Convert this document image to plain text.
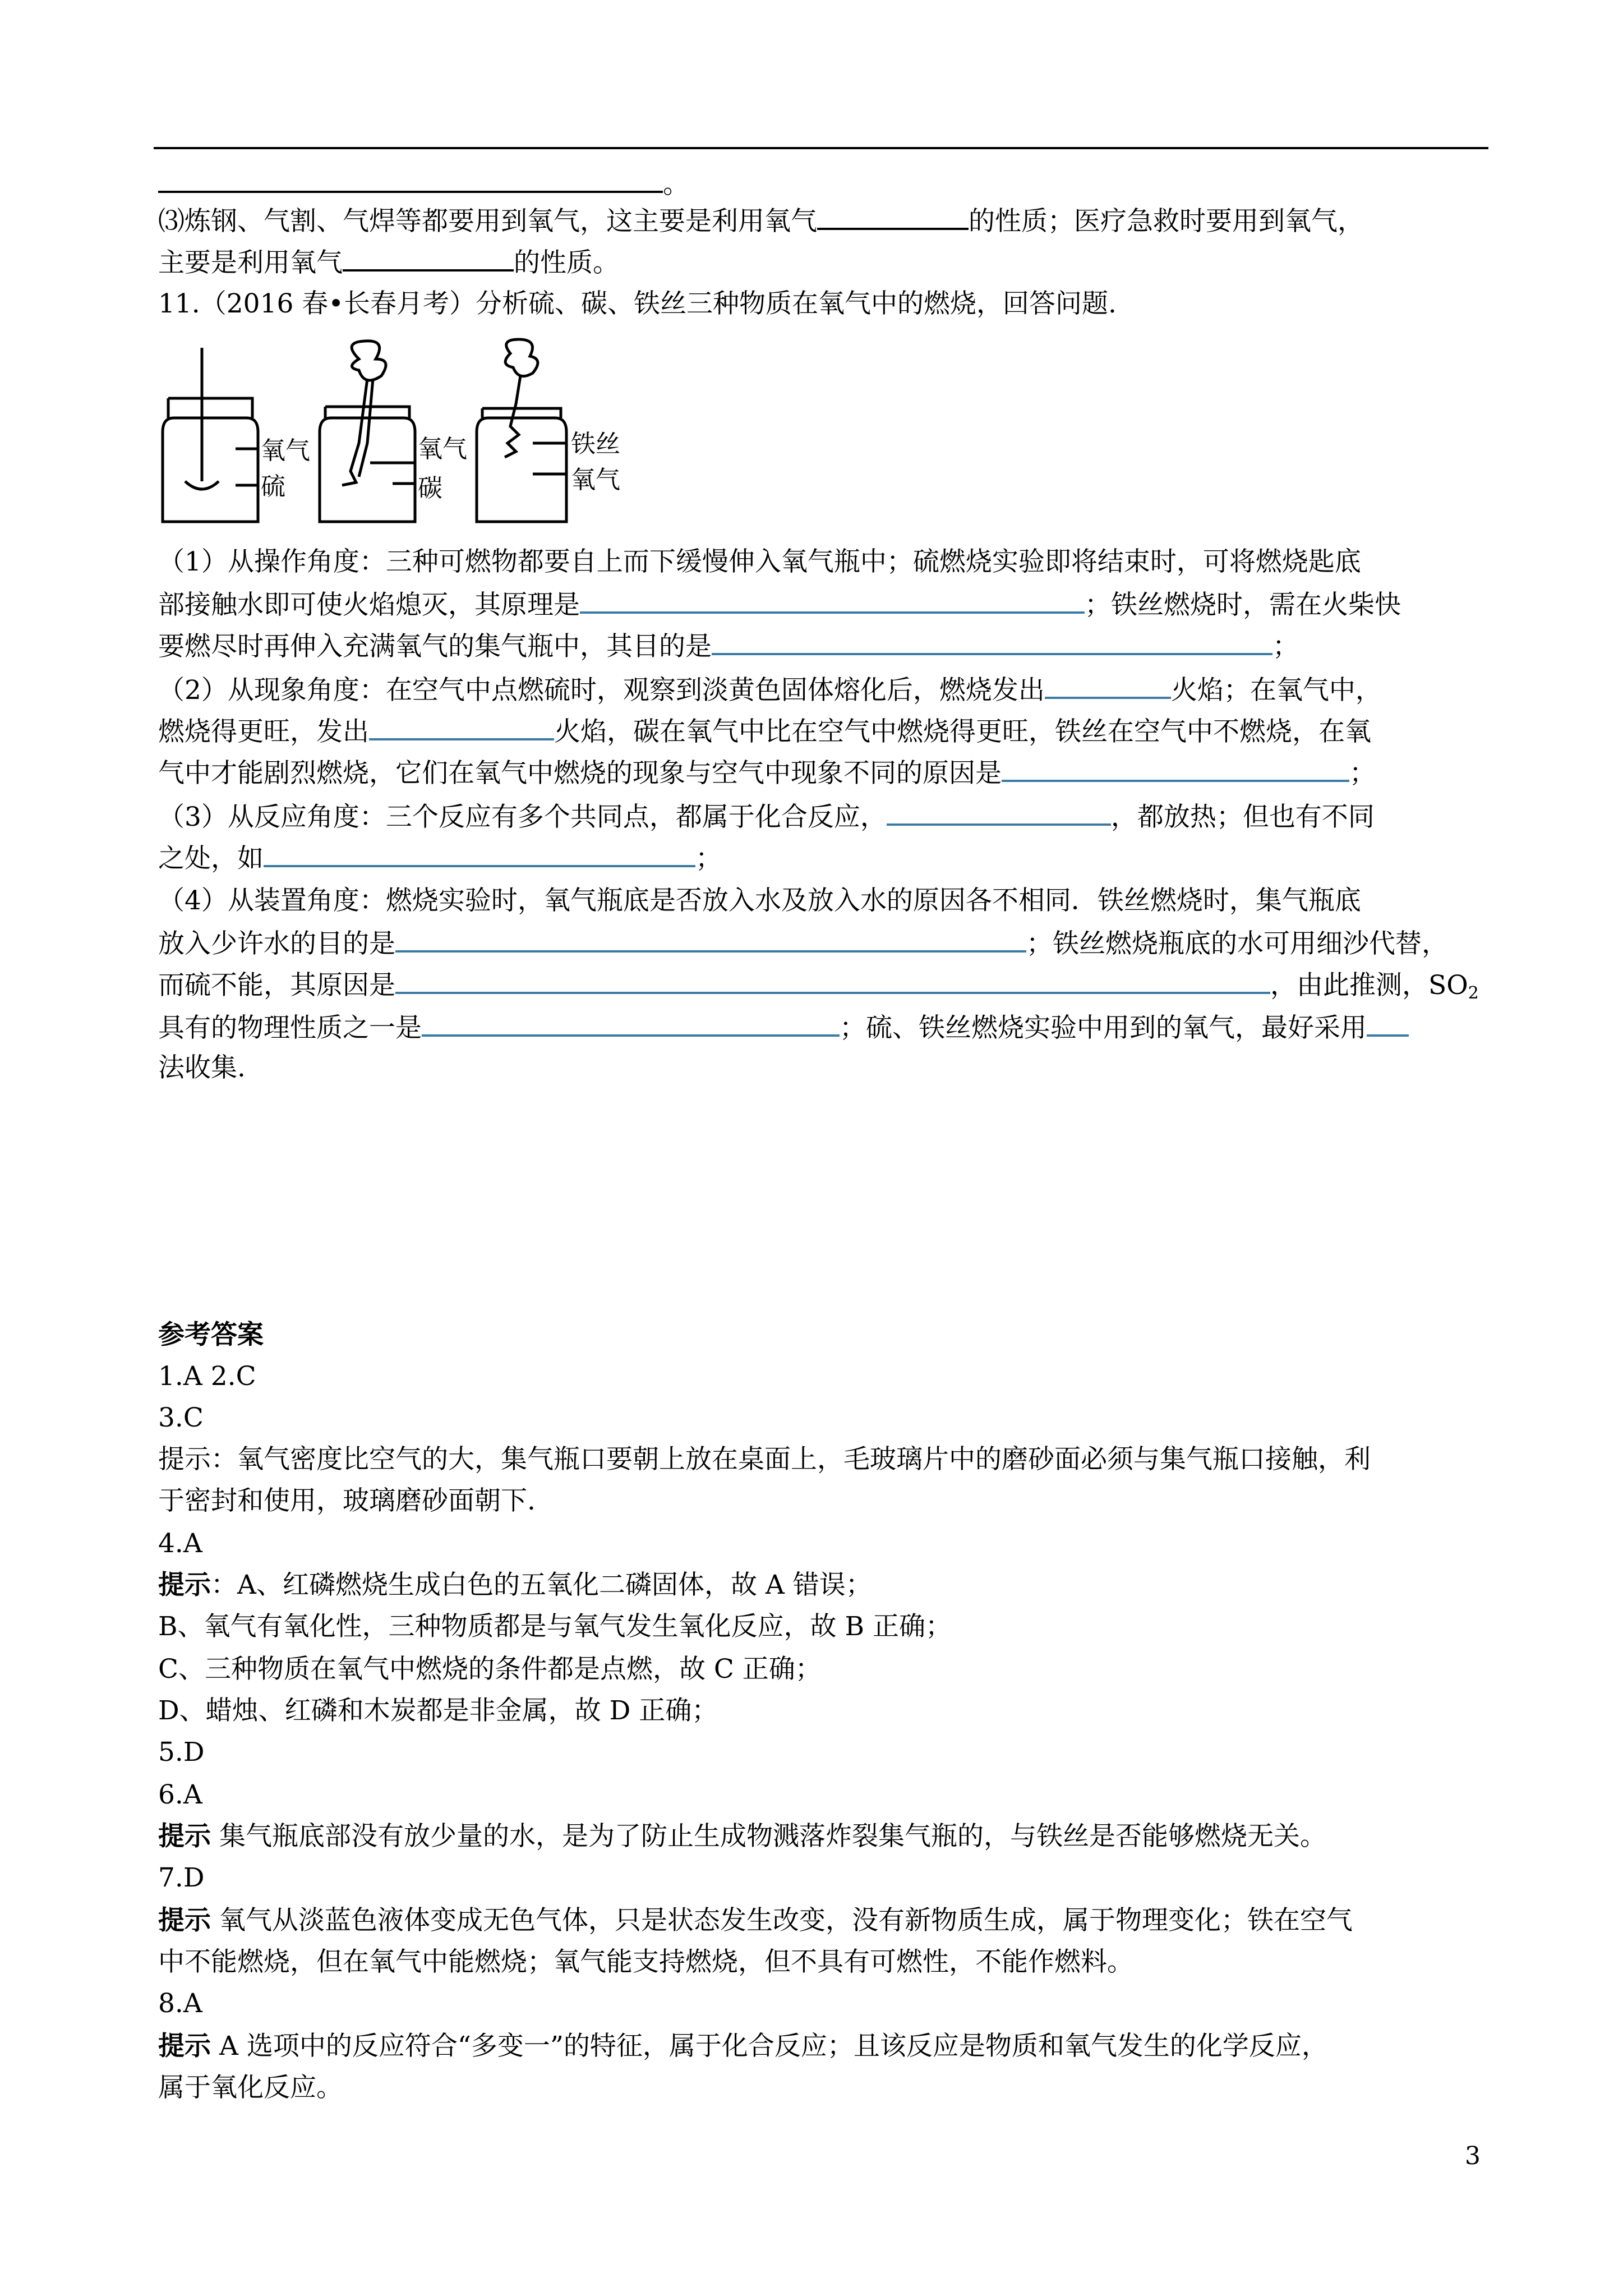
。
⑶炼钢、气割、气焊等都要用到氧气，这主要是利用氧气	的性质；医疗急救时要用到氧气，
主要是利用氧气	的性质。
11.（2016 春•长春月考）分析硫、碳、铁丝三种物质在氧气中的燃烧，回答问题.
氧气
硫
氧气
碳
铁丝
氧气
（1）从操作角度：三种可燃物都要自上而下缓慢伸入氧气瓶中；硫燃烧实验即将结束时，可将燃烧匙底
部接触水即可使火焰熄灭，其原理是	；铁丝燃烧时，需在火柴快
要燃尽时再伸入充满氧气的集气瓶中，其目的是	；
（2）从现象角度：在空气中点燃硫时，观察到淡黄色固体熔化后，燃烧发出	火焰；在氧气中，
燃烧得更旺，发出	火焰，碳在氧气中比在空气中燃烧得更旺，铁丝在空气中不燃烧，在氧
气中才能剧烈燃烧，它们在氧气中燃烧的现象与空气中现象不同的原因是	；
（3）从反应角度：三个反应有多个共同点，都属于化合反应，	，都放热；但也有不同
之处，如	；
（4）从装置角度：燃烧实验时，氧气瓶底是否放入水及放入水的原因各不相同．铁丝燃烧时，集气瓶底
放入少许水的目的是	；铁丝燃烧瓶底的水可用细沙代替，
而硫不能，其原因是	，由此推测，$SO_2$
具有的物理性质之一是	；硫、铁丝燃烧实验中用到的氧气，最好采用
法收集.
参考答案
1.A 2.C
3.C
提示：氧气密度比空气的大，集气瓶口要朝上放在桌面上，毛玻璃片中的磨砂面必须与集气瓶口接触，利
于密封和使用，玻璃磨砂面朝下.
4.A
提示：A、红磷燃烧生成白色的五氧化二磷固体，故 A 错误；
B、氧气有氧化性，三种物质都是与氧气发生氧化反应，故 B 正确；
C、三种物质在氧气中燃烧的条件都是点燃，故 C 正确；
D、蜡烛、红磷和木炭都是非金属，故 D 正确；
5.D
6.A
提示 集气瓶底部没有放少量的水，是为了防止生成物溅落炸裂集气瓶的，与铁丝是否能够燃烧无关。
7.D
提示 氧气从淡蓝色液体变成无色气体，只是状态发生改变，没有新物质生成，属于物理变化；铁在空气
中不能燃烧，但在氧气中能燃烧；氧气能支持燃烧，但不具有可燃性，不能作燃料。
8.A
提示 A 选项中的反应符合“多变一”的特征，属于化合反应；且该反应是物质和氧气发生的化学反应，
属于氧化反应。
3
